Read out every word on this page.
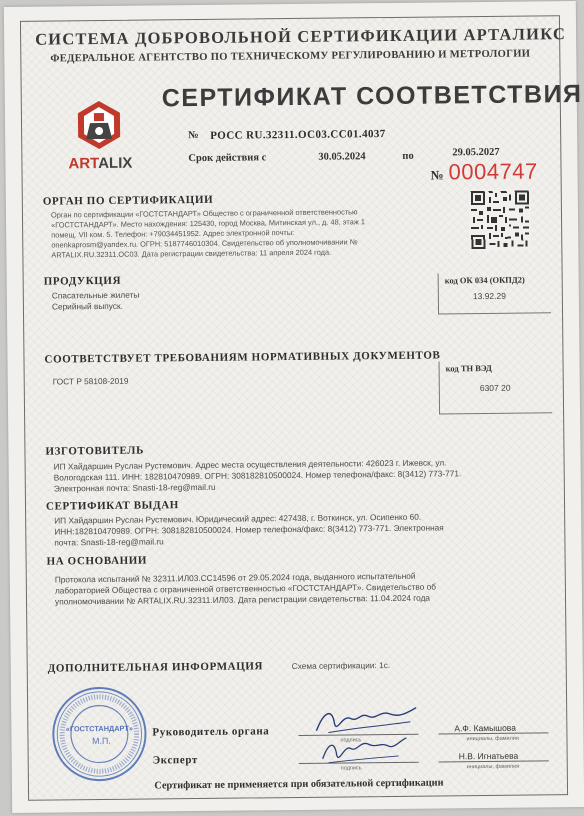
СИСТЕМА ДОБРОВОЛЬНОЙ СЕРТИФИКАЦИИ АРТАЛИКС
ФЕДЕРАЛЬНОЕ АГЕНТСТВО ПО ТЕХНИЧЕСКОМУ РЕГУЛИРОВАНИЮ И МЕТРОЛОГИИ
ARTALIX
СЕРТИФИКАТ СООТВЕТСТВИЯ
№ РОСС RU.32311.ОС03.СС01.4037
Срок действия с	30.05.2024	по	29.05.2027
№ 0004747
ОРГАН ПО СЕРТИФИКАЦИИ
Орган по сертификации «ГОСТСТАНДАРТ» Общество с ограниченной ответственностью
«ГОСТСТАНДАРТ». Место нахождения: 125430, город Москва, Митинская ул., д. 48, этаж 1
помещ. VII ком. 5. Телефон: +79034451952. Адрес электронной почты:
onenkaprosm@yandex.ru. ОГРН: 5187746010304. Свидетельство об уполномочивании №
ARTALIX.RU.32311.ОС03. Дата регистрации свидетельства: 11 апреля 2024 года.
ПРОДУКЦИЯ
Спасательные жилеты
Серийный выпуск.
код ОК 034 (ОКПД2)
13.92.29
СООТВЕТСТВУЕТ ТРЕБОВАНИЯМ НОРМАТИВНЫХ ДОКУМЕНТОВ
ГОСТ Р 58108-2019
код ТН ВЭД
6307 20
ИЗГОТОВИТЕЛЬ
ИП Хайдаршин Руслан Рустемович. Адрес места осуществления деятельности: 426023 г. Ижевск, ул.
Вологодская 111. ИНН: 182810470989. ОГРН: 308182810500024. Номер телефона/факс: 8(3412) 773-771.
Электронная почта: Snasti-18-reg@mail.ru
СЕРТИФИКАТ ВЫДАН
ИП Хайдаршин Руслан Рустемович. Юридический адрес: 427438, г. Воткинск, ул. Осипенко 60.
ИНН:182810470989. ОГРН: 308182810500024. Номер телефона/факс: 8(3412) 773-771. Электронная
почта: Snasti-18-reg@mail.ru
НА ОСНОВАНИИ
Протокола испытаний № 32311.ИЛ03.СС14596 от 29.05.2024 года, выданного испытательной
лабораторией Общества с ограниченной ответственностью «ГОСТСТАНДАРТ». Свидетельство об
уполномочивании № ARTALIX.RU.32311.ИЛ03. Дата регистрации свидетельства: 11.04.2024 года
ДОПОЛНИТЕЛЬНАЯ ИНФОРМАЦИЯ	Схема сертификации: 1с.
«ГОСТСТАНДАРТ»
М.П.
Руководитель органа
подпись
А.Ф. Камышова
инициалы, фамилия
Эксперт
подпись
Н.В. Игнатьева
инициалы, фамилия
Сертификат не применяется при обязательной сертификации
